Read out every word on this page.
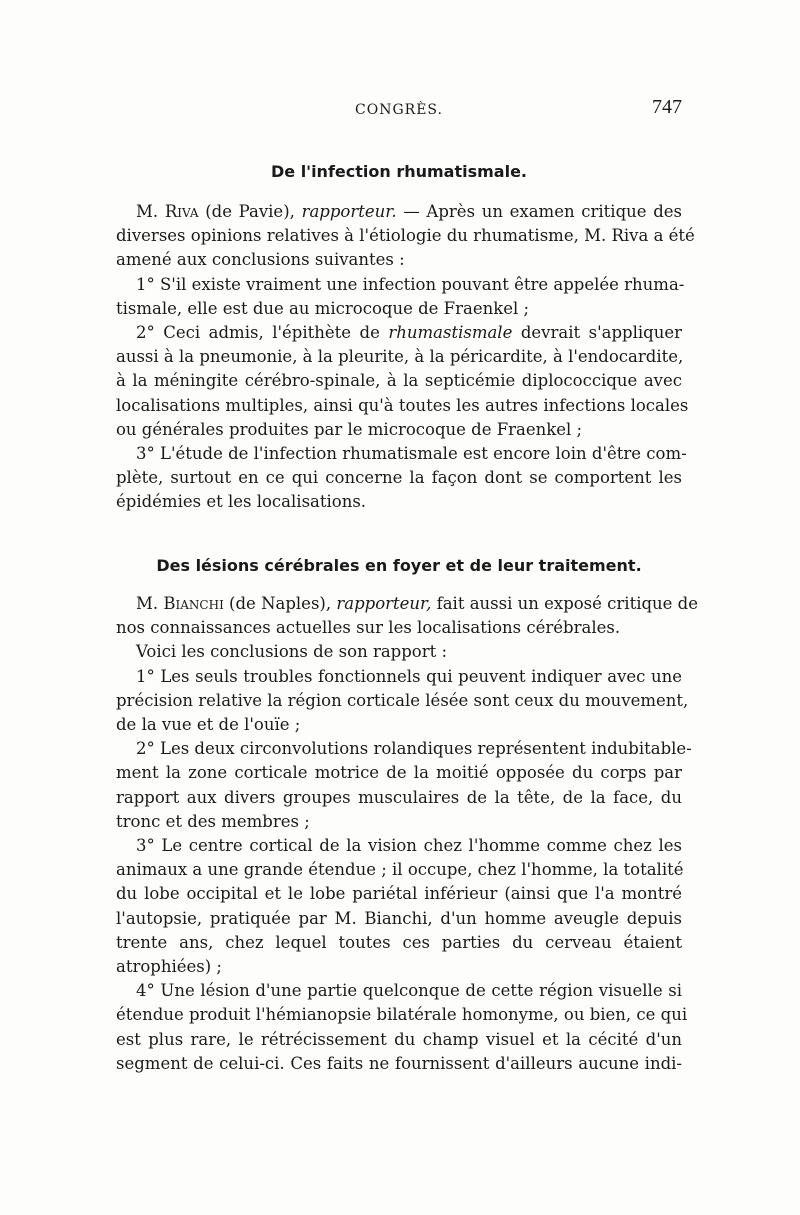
CONGRÈS.	747
De l'infection rhumatismale.

M. Riva (de Pavie), rapporteur. — Après un examen critique des
diverses opinions relatives à l'étiologie du rhumatisme, M. Riva a été
amené aux conclusions suivantes :

1° S'il existe vraiment une infection pouvant être appelée rhuma-
tismale, elle est due au microcoque de Fraenkel ;

2° Ceci admis, l'épithète de rhumastismale devrait s'appliquer
aussi à la pneumonie, à la pleurite, à la péricardite, à l'endocardite,
à la méningite cérébro-spinale, à la septicémie diplococcique avec
localisations multiples, ainsi qu'à toutes les autres infections locales
ou générales produites par le microcoque de Fraenkel ;

3° L'étude de l'infection rhumatismale est encore loin d'être com-
plète, surtout en ce qui concerne la façon dont se comportent les
épidémies et les localisations.

Des lésions cérébrales en foyer et de leur traitement.

M. Bianchi (de Naples), rapporteur, fait aussi un exposé critique de
nos connaissances actuelles sur les localisations cérébrales.

Voici les conclusions de son rapport :

1° Les seuls troubles fonctionnels qui peuvent indiquer avec une
précision relative la région corticale lésée sont ceux du mouvement,
de la vue et de l'ouïe ;

2° Les deux circonvolutions rolandiques représentent indubitable-
ment la zone corticale motrice de la moitié opposée du corps par
rapport aux divers groupes musculaires de la tête, de la face, du
tronc et des membres ;

3° Le centre cortical de la vision chez l'homme comme chez les
animaux a une grande étendue ; il occupe, chez l'homme, la totalité
du lobe occipital et le lobe pariétal inférieur (ainsi que l'a montré
l'autopsie, pratiquée par M. Bianchi, d'un homme aveugle depuis
trente ans, chez lequel toutes ces parties du cerveau étaient
atrophiées) ;

4° Une lésion d'une partie quelconque de cette région visuelle si
étendue produit l'hémianopsie bilatérale homonyme, ou bien, ce qui
est plus rare, le rétrécissement du champ visuel et la cécité d'un
segment de celui-ci. Ces faits ne fournissent d'ailleurs aucune indi-
